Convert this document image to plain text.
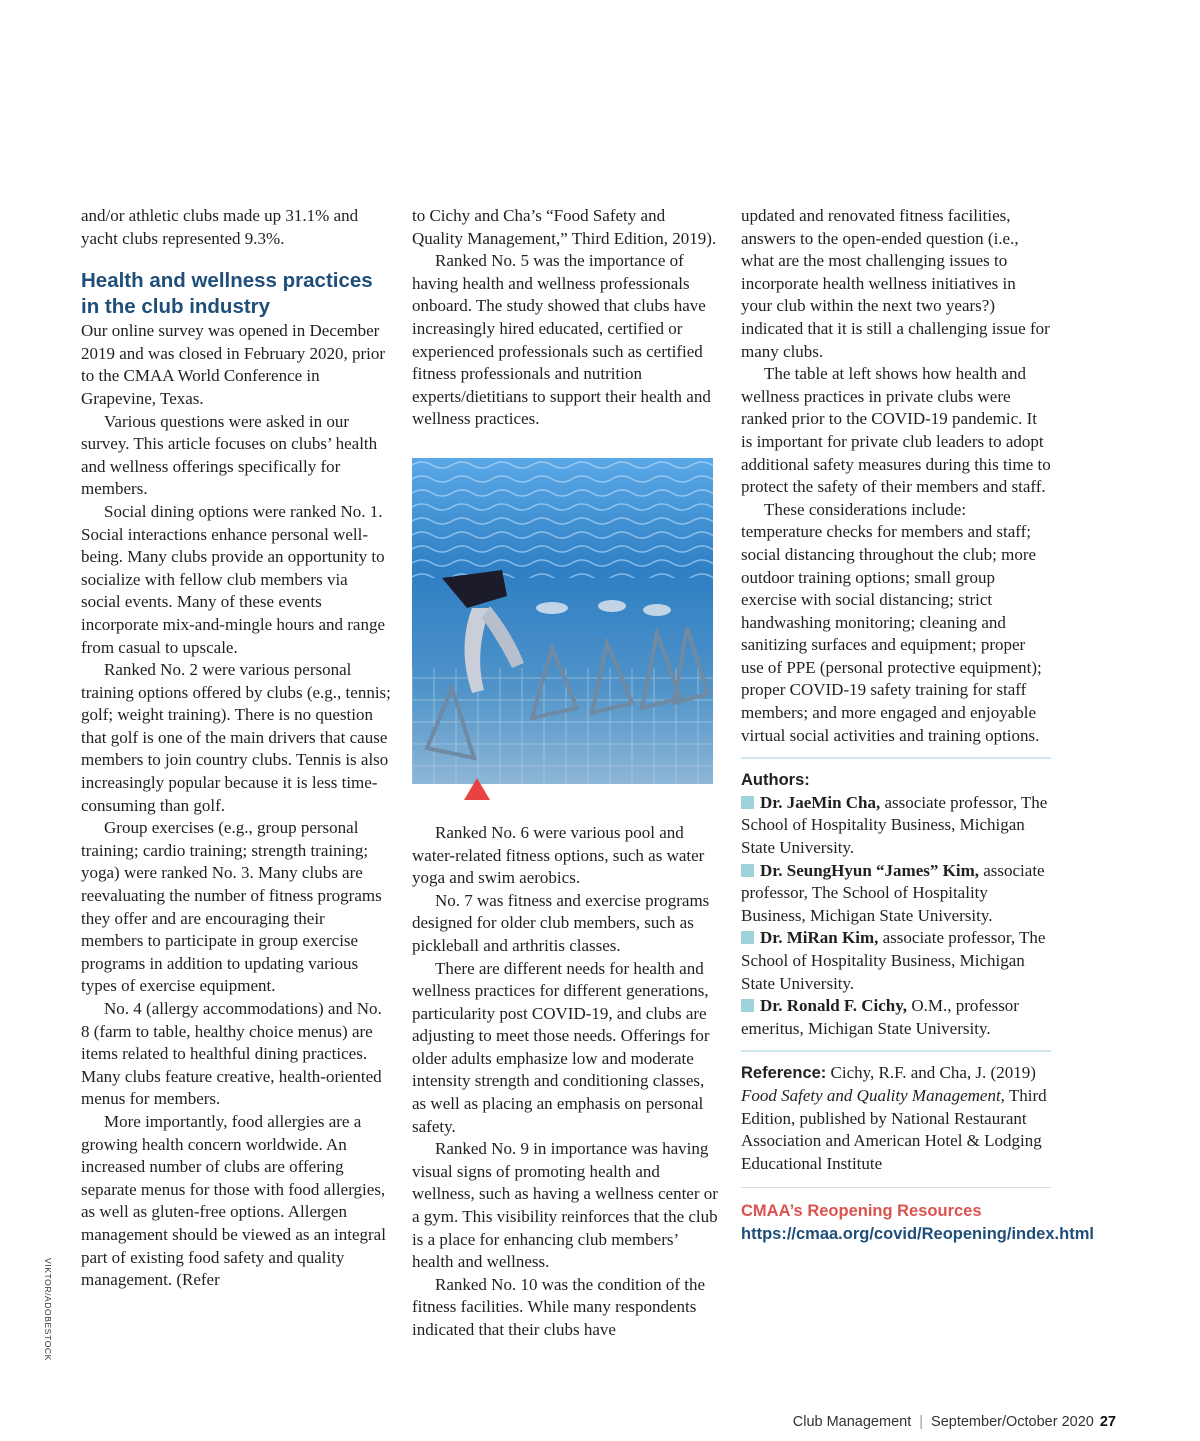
and/or athletic clubs made up 31.1% and yacht clubs represented 9.3%.

Health and wellness practices in the club industry

Our online survey was opened in December 2019 and was closed in February 2020, prior to the CMAA World Conference in Grapevine, Texas.

Various questions were asked in our survey. This article focuses on clubs’ health and wellness offerings specifically for members.

Social dining options were ranked No. 1. Social interactions enhance personal well-being. Many clubs provide an opportunity to socialize with fellow club members via social events. Many of these events incorporate mix-and-mingle hours and range from casual to upscale.

Ranked No. 2 were various personal training options offered by clubs (e.g., tennis; golf; weight training). There is no question that golf is one of the main drivers that cause members to join country clubs. Tennis is also increasingly popular because it is less time-consuming than golf.

Group exercises (e.g., group personal training; cardio training; strength training; yoga) were ranked No. 3. Many clubs are reevaluating the number of fitness programs they offer and are encouraging their members to participate in group exercise programs in addition to updating various types of exercise equipment.

No. 4 (allergy accommodations) and No. 8 (farm to table, healthy choice menus) are items related to healthful dining practices. Many clubs feature creative, health-oriented menus for members.

More importantly, food allergies are a growing health concern worldwide. An increased number of clubs are offering separate menus for those with food allergies, as well as gluten-free options. Allergen management should be viewed as an integral part of existing food safety and quality management. (Refer

to Cichy and Cha’s “Food Safety and Quality Management,” Third Edition, 2019).

Ranked No. 5 was the importance of having health and wellness professionals onboard. The study showed that clubs have increasingly hired educated, certified or experienced professionals such as certified fitness professionals and nutrition experts/dietitians to support their health and wellness practices.

Ranked No. 6 were various pool and water-related fitness options, such as water yoga and swim aerobics.

No. 7 was fitness and exercise programs designed for older club members, such as pickleball and arthritis classes.

There are different needs for health and wellness practices for different generations, particularity post COVID-19, and clubs are adjusting to meet those needs. Offerings for older adults emphasize low and moderate intensity strength and conditioning classes, as well as placing an emphasis on personal safety.

Ranked No. 9 in importance was having visual signs of promoting health and wellness, such as having a wellness center or a gym. This visibility reinforces that the club is a place for enhancing club members’ health and wellness.

Ranked No. 10 was the condition of the fitness facilities. While many respondents indicated that their clubs have

updated and renovated fitness facilities, answers to the open-ended question (i.e., what are the most challenging issues to incorporate health wellness initiatives in your club within the next two years?) indicated that it is still a challenging issue for many clubs.

The table at left shows how health and wellness practices in private clubs were ranked prior to the COVID-19 pandemic. It is important for private club leaders to adopt additional safety measures during this time to protect the safety of their members and staff.

These considerations include: temperature checks for members and staff; social distancing throughout the club; more outdoor training options; small group exercise with social distancing; strict handwashing monitoring; cleaning and sanitizing surfaces and equipment; proper use of PPE (personal protective equipment); proper COVID-19 safety training for staff members; and more engaged and enjoyable virtual social activities and training options.

Authors:

Dr. JaeMin Cha, associate professor, The School of Hospitality Business, Michigan State University.

Dr. SeungHyun “James” Kim, associate professor, The School of Hospitality Business, Michigan State University.

Dr. MiRan Kim, associate professor, The School of Hospitality Business, Michigan State University.

Dr. Ronald F. Cichy, O.M., professor emeritus, Michigan State University.

Reference: Cichy, R.F. and Cha, J. (2019) Food Safety and Quality Management, Third Edition, published by National Restaurant Association and American Hotel & Lodging Educational Institute

CMAA’s Reopening Resources
https://cmaa.org/covid/Reopening/index.html
VIKTOR/ADOBESTOCK
Club Management | September/October 2020 27
